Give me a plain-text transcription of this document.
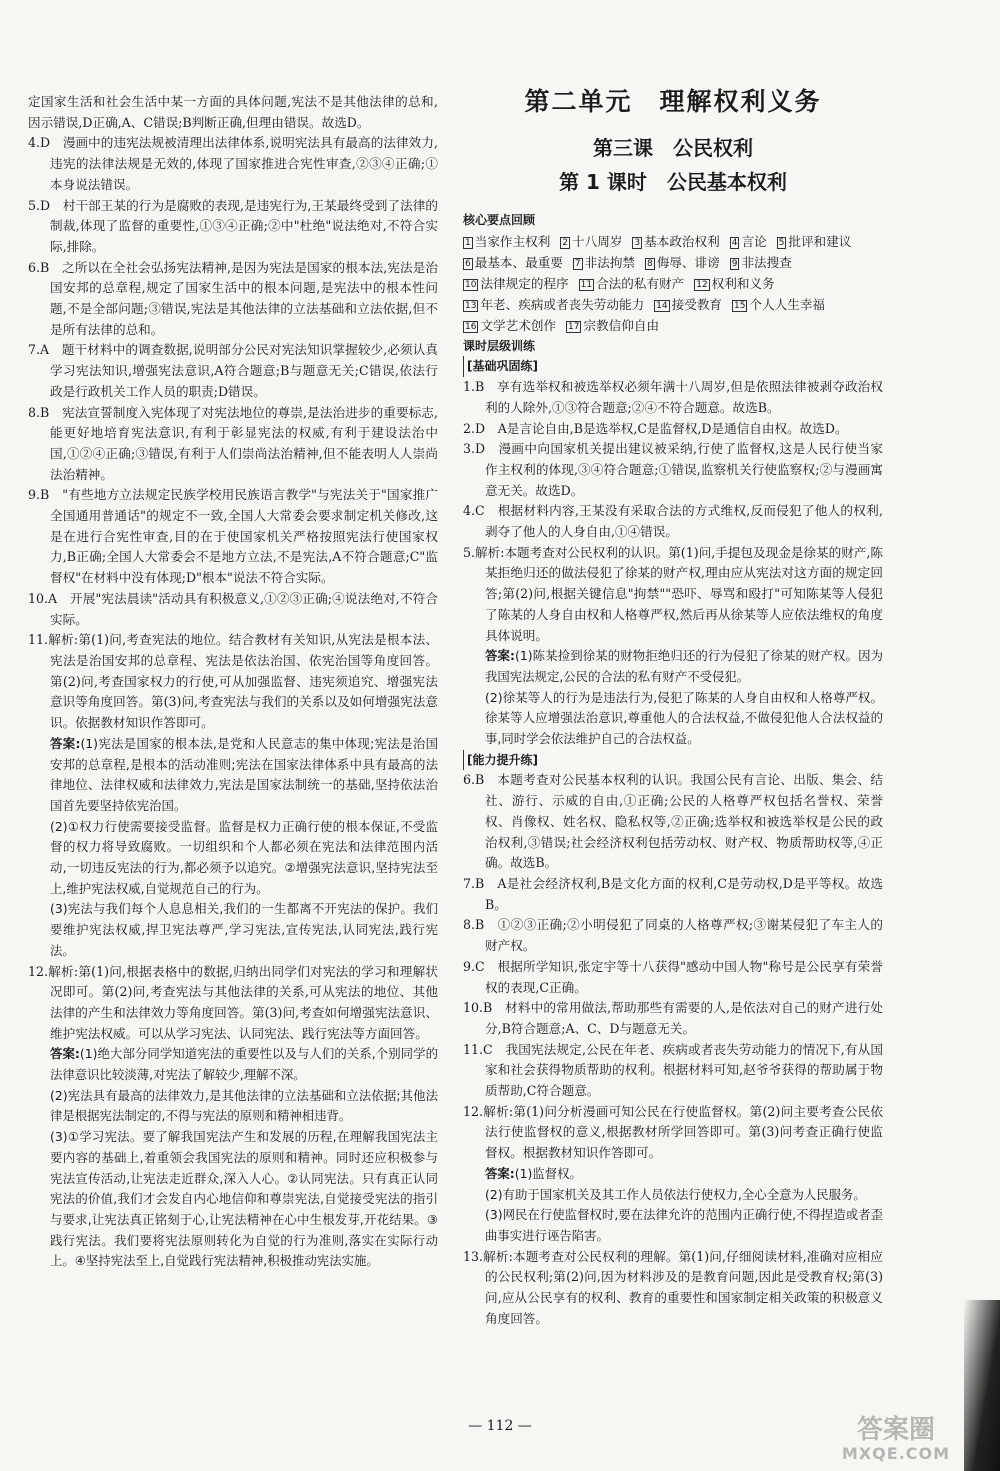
定国家生活和社会生活中某一方面的具体问题,宪法不是其他法律的总和,因示错误,D正确,A、C错误;B判断正确,但理由错误。故选D。
4.D　漫画中的违宪法规被清理出法律体系,说明宪法具有最高的法律效力,违宪的法律法规是无效的,体现了国家推进合宪性审查,②③④正确;①本身说法错误。
5.D　村干部王某的行为是腐败的表现,是违宪行为,王某最终受到了法律的制裁,体现了监督的重要性,①③④正确;②中"杜绝"说法绝对,不符合实际,排除。
6.B　之所以在全社会弘扬宪法精神,是因为宪法是国家的根本法,宪法是治国安邦的总章程,规定了国家生活中的根本问题,是宪法中的根本性问题,不是全部问题;③错误,宪法是其他法律的立法基础和立法依据,但不是所有法律的总和。
7.A　题干材料中的调查数据,说明部分公民对宪法知识掌握较少,必须认真学习宪法知识,增强宪法意识,A符合题意;B与题意无关;C错误,依法行政是行政机关工作人员的职责;D错误。
8.B　宪法宣誓制度入宪体现了对宪法地位的尊崇,是法治进步的重要标志,能更好地培育宪法意识,有利于彰显宪法的权威,有利于建设法治中国,①②④正确;③错误,有利于人们崇尚法治精神,但不能表明人人崇尚法治精神。
9.B　"有些地方立法规定民族学校用民族语言教学"与宪法关于"国家推广全国通用普通话"的规定不一致,全国人大常委会要求制定机关修改,这是在进行合宪性审查,目的在于使国家机关严格按照宪法行使国家权力,B正确;全国人大常委会不是地方立法,不是宪法,A不符合题意;C"监督权"在材料中没有体现;D"根本"说法不符合实际。
10.A　开展"宪法晨读"活动具有积极意义,①②③正确;④说法绝对,不符合实际。
11.解析:第(1)问,考查宪法的地位。结合教材有关知识,从宪法是根本法、宪法是治国安邦的总章程、宪法是依法治国、依宪治国等角度回答。第(2)问,考查国家权力的行使,可从加强监督、违宪须追究、增强宪法意识等角度回答。第(3)问,考查宪法与我们的关系以及如何增强宪法意识。依据教材知识作答即可。
答案:(1)宪法是国家的根本法,是党和人民意志的集中体现;宪法是治国安邦的总章程,是根本的活动准则;宪法在国家法律体系中具有最高的法律地位、法律权威和法律效力,宪法是国家法制统一的基础,坚持依法治国首先要坚持依宪治国。
(2)①权力行使需要接受监督。监督是权力正确行使的根本保证,不受监督的权力将导致腐败。一切组织和个人都必须在宪法和法律范围内活动,一切违反宪法的行为,都必须予以追究。②增强宪法意识,坚持宪法至上,维护宪法权威,自觉规范自己的行为。
(3)宪法与我们每个人息息相关,我们的一生都离不开宪法的保护。我们要维护宪法权威,捍卫宪法尊严,学习宪法,宣传宪法,认同宪法,践行宪法。
12.解析:第(1)问,根据表格中的数据,归纳出同学们对宪法的学习和理解状况即可。第(2)问,考查宪法与其他法律的关系,可从宪法的地位、其他法律的产生和法律效力等角度回答。第(3)问,考查如何增强宪法意识、维护宪法权威。可以从学习宪法、认同宪法、践行宪法等方面回答。
答案:(1)绝大部分同学知道宪法的重要性以及与人们的关系,个别同学的法律意识比较淡薄,对宪法了解较少,理解不深。
(2)宪法具有最高的法律效力,是其他法律的立法基础和立法依据;其他法律是根据宪法制定的,不得与宪法的原则和精神相违背。
(3)①学习宪法。要了解我国宪法产生和发展的历程,在理解我国宪法主要内容的基础上,着重领会我国宪法的原则和精神。同时还应积极参与宪法宣传活动,让宪法走近群众,深入人心。②认同宪法。只有真正认同宪法的价值,我们才会发自内心地信仰和尊崇宪法,自觉接受宪法的指引与要求,让宪法真正铭刻于心,让宪法精神在心中生根发芽,开花结果。③践行宪法。我们要将宪法原则转化为自觉的行为准则,落实在实际行动上。④坚持宪法至上,自觉践行宪法精神,积极推动宪法实施。
第二单元　理解权利义务
第三课　公民权利
第 1 课时　公民基本权利
核心要点回顾
1 当家作主权利 2 十八周岁 3 基本政治权利 4 言论 5 批评和建议
6 最基本、最重要 7 非法拘禁 8 侮辱、诽谤 9 非法搜查
10 法律规定的程序 11 合法的私有财产 12 权利和义务
13 年老、疾病或者丧失劳动能力 14 接受教育 15 个人人生幸福
16 文学艺术创作 17 宗教信仰自由
课时层级训练
[基础巩固练]
1.B　享有选举权和被选举权必须年满十八周岁,但是依照法律被剥夺政治权利的人除外,①③符合题意;②④不符合题意。故选B。
2.D　A是言论自由,B是选举权,C是监督权,D是通信自由权。故选D。
3.D　漫画中向国家机关提出建议被采纳,行使了监督权,这是人民行使当家作主权利的体现,③④符合题意;①错误,监察机关行使监察权;②与漫画寓意无关。故选D。
4.C　根据材料内容,王某没有采取合法的方式维权,反而侵犯了他人的权利,剥夺了他人的人身自由,①④错误。
5.解析:本题考查对公民权利的认识。第(1)问,手提包及现金是徐某的财产,陈某拒绝归还的做法侵犯了徐某的财产权,理由应从宪法对这方面的规定回答;第(2)问,根据关键信息"拘禁""恐吓、辱骂和殴打"可知陈某等人侵犯了陈某的人身自由权和人格尊严权,然后再从徐某等人应依法维权的角度具体说明。
答案:(1)陈某捡到徐某的财物拒绝归还的行为侵犯了徐某的财产权。因为我国宪法规定,公民的合法的私有财产不受侵犯。
(2)徐某等人的行为是违法行为,侵犯了陈某的人身自由权和人格尊严权。徐某等人应增强法治意识,尊重他人的合法权益,不做侵犯他人合法权益的事,同时学会依法维护自己的合法权益。
[能力提升练]
6.B　本题考查对公民基本权利的认识。我国公民有言论、出版、集会、结社、游行、示威的自由,①正确;公民的人格尊严权包括名誉权、荣誉权、肖像权、姓名权、隐私权等,②正确;选举权和被选举权是公民的政治权利,③错误;社会经济权利包括劳动权、财产权、物质帮助权等,④正确。故选B。
7.B　A是社会经济权利,B是文化方面的权利,C是劳动权,D是平等权。故选B。
8.B　①②③正确;②小明侵犯了同桌的人格尊严权;③谢某侵犯了车主人的财产权。
9.C　根据所学知识,张定宇等十八获得"感动中国人物"称号是公民享有荣誉权的表现,C正确。
10.B　材料中的常用做法,帮助那些有需要的人,是依法对自己的财产进行处分,B符合题意;A、C、D与题意无关。
11.C　我国宪法规定,公民在年老、疾病或者丧失劳动能力的情况下,有从国家和社会获得物质帮助的权利。根据材料可知,赵爷爷获得的帮助属于物质帮助,C符合题意。
12.解析:第(1)问分析漫画可知公民在行使监督权。第(2)问主要考查公民依法行使监督权的意义,根据教材所学回答即可。第(3)问考查正确行使监督权。根据教材知识作答即可。
答案:(1)监督权。
(2)有助于国家机关及其工作人员依法行使权力,全心全意为人民服务。
(3)网民在行使监督权时,要在法律允许的范围内正确行使,不得捏造或者歪曲事实进行诬告陷害。
13.解析:本题考查对公民权利的理解。第(1)问,仔细阅读材料,准确对应相应的公民权利;第(2)问,因为材料涉及的是教育问题,因此是受教育权;第(3)问,应从公民享有的权利、教育的重要性和国家制定相关政策的积极意义角度回答。
— 112 —	答案圈
MXQE.COM
